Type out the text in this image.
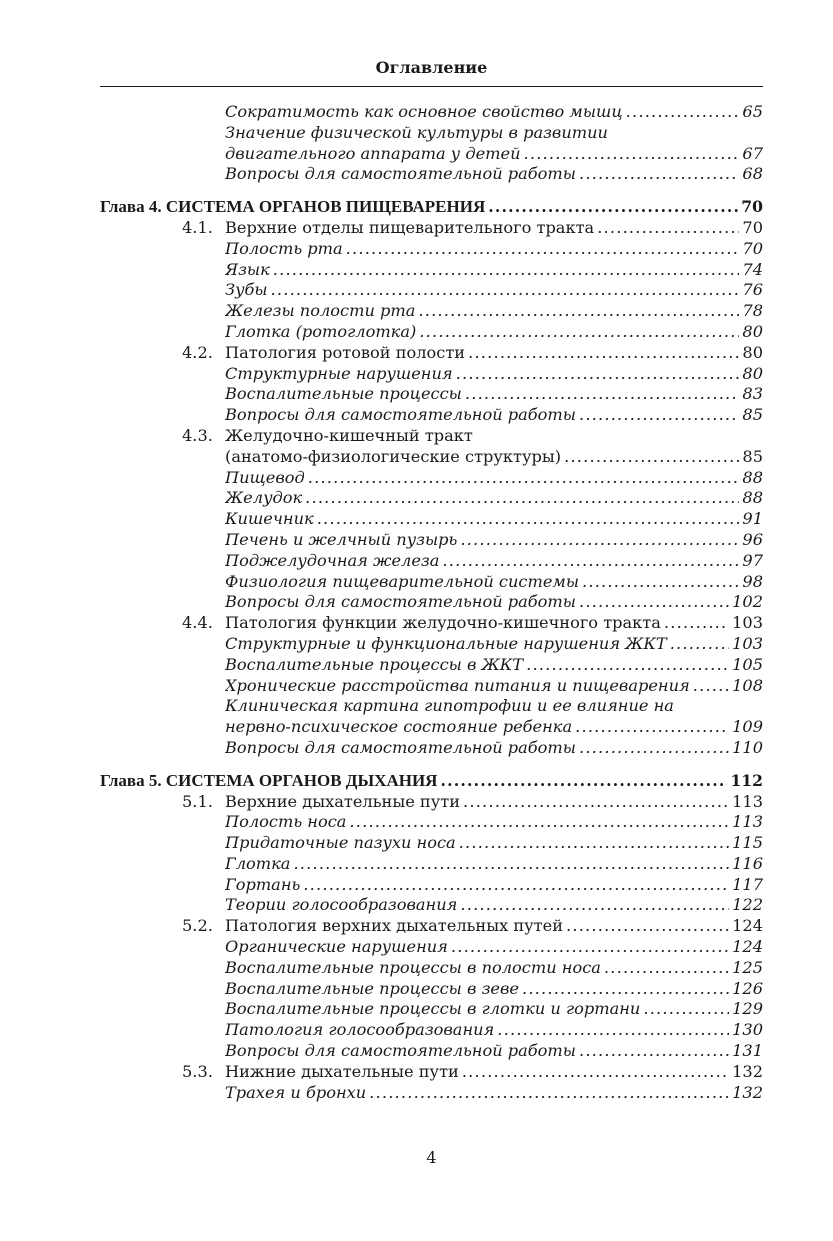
Оглавление
Сократимость как основное свойство мышц .....	65
Значение физической культуры в развитии
двигательного аппарата у детей .....	67
Вопросы для самостоятельной работы .....	68
Глава 4. СИСТЕМА ОРГАНОВ ПИЩЕВАРЕНИЯ .....	70
4.1. Верхние отделы пищеварительного тракта .....	70
Полость рта .....	70
Язык .....	74
Зубы .....	76
Железы полости рта .....	78
Глотка (ротоглотка) .....	80
4.2. Патология ротовой полости .....	80
Структурные нарушения .....	80
Воспалительные процессы .....	83
Вопросы для самостоятельной работы .....	85
4.3. Желудочно-кишечный тракт
(анатомо-физиологические структуры) .....	85
Пищевод .....	88
Желудок .....	88
Кишечник .....	91
Печень и желчный пузырь .....	96
Поджелудочная железа .....	97
Физиология пищеварительной системы .....	98
Вопросы для самостоятельной работы .....	102
4.4. Патология функции желудочно-кишечного тракта .....	103
Структурные и функциональные нарушения ЖКТ .....	103
Воспалительные процессы в ЖКТ .....	105
Хронические расстройства питания и пищеварения .....	108
Клиническая картина гипотрофии и ее влияние на
нервно-психическое состояние ребенка .....	109
Вопросы для самостоятельной работы .....	110
Глава 5. СИСТЕМА ОРГАНОВ ДЫХАНИЯ .....	112
5.1. Верхние дыхательные пути .....	113
Полость носа .....	113
Придаточные пазухи носа .....	115
Глотка .....	116
Гортань .....	117
Теории голосообразования .....	122
5.2. Патология верхних дыхательных путей .....	124
Органические нарушения .....	124
Воспалительные процессы в полости носа .....	125
Воспалительные процессы в зеве .....	126
Воспалительные процессы в глотки и гортани .....	129
Патология голосообразования .....	130
Вопросы для самостоятельной работы .....	131
5.3. Нижние дыхательные пути .....	132
Трахея и бронхи .....	132
4
